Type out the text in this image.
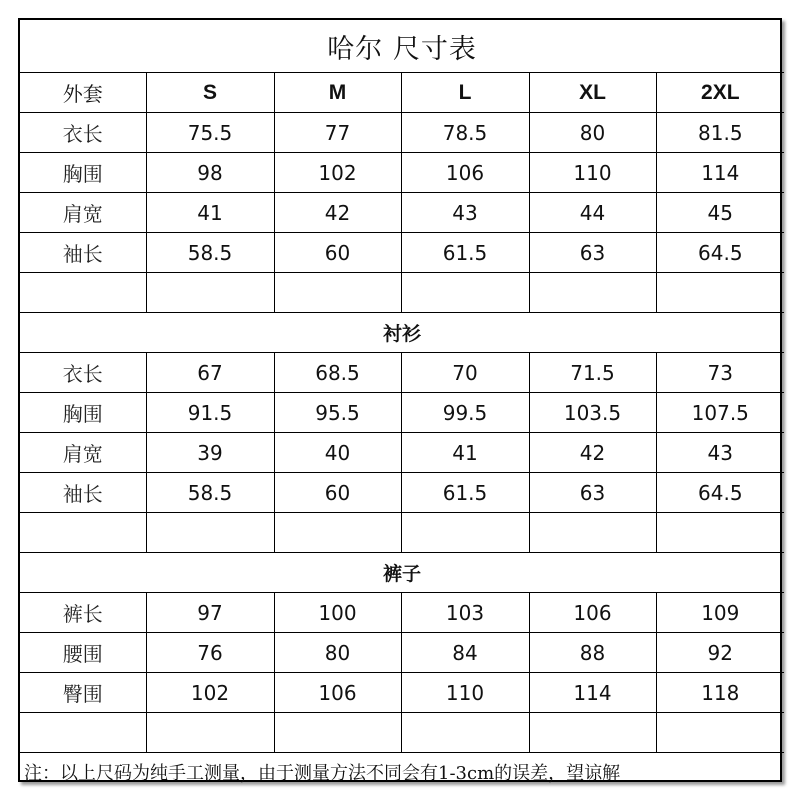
哈尔 尺寸表					
外套	S	M	L	XL	2XL
衣长	75.5	77	78.5	80	81.5
胸围	98	102	106	110	114
肩宽	41	42	43	44	45
袖长	58.5	60	61.5	63	64.5

衬衫					
衣长	67	68.5	70	71.5	73
胸围	91.5	95.5	99.5	103.5	107.5
肩宽	39	40	41	42	43
袖长	58.5	60	61.5	63	64.5

裤子					
裤长	97	100	103	106	109
腰围	76	80	84	88	92
臀围	102	106	110	114	118

注：以上尺码为纯手工测量，由于测量方法不同会有1-3cm的误差，望谅解					
